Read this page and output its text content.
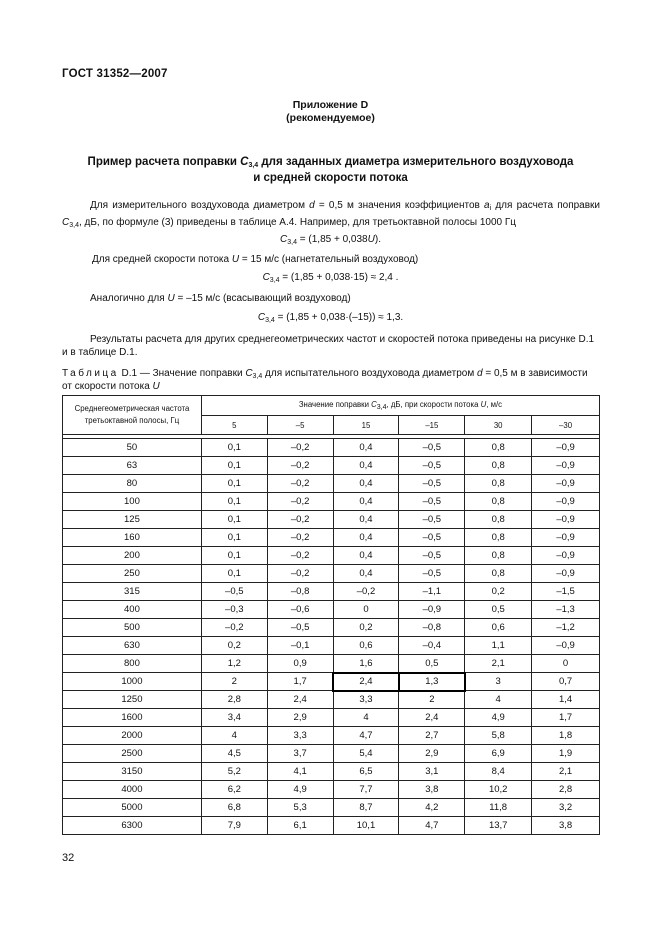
ГОСТ 31352—2007
Приложение D
(рекомендуемое)
Пример расчета поправки $C_{3,4}$ для заданных диаметра измерительного воздуховода
и средней скорости потока
Для измерительного воздуховода диаметром d = 0,5 м значения коэффициентов $a_i$ для расчета поправки $C_{3,4}$, дБ, по формуле (3) приведены в таблице А.4. Например, для третьоктавной полосы 1000 Гц
$C_{3,4} = (1,85 + 0,038U)$.
Для средней скорости потока U = 15 м/с (нагнетательный воздуховод)
$C_{3,4} = (1,85 + 0,038\cdot 15) \approx 2,4$ .
Аналогично для U = –15 м/с (всасывающий воздуховод)
$C_{3,4} = (1,85 + 0,038\cdot(-15)) \approx 1,3$.
Результаты расчета для других среднегеометрических частот и скоростей потока приведены на рисунке D.1
и в таблице D.1.
Таблица D.1 — Значение поправки $C_{3,4}$ для испытательного воздуховода диаметром d = 0,5 м в зависимости
от скорости потока U
Среднегеометрическая частота третьоктавной полосы, Гц	Значение поправки $C_{3,4}$, дБ, при скорости потока U, м/с					
	5	–5	15	–15	30	–30

50	0,1	–0,2	0,4	–0,5	0,8	–0,9
63	0,1	–0,2	0,4	–0,5	0,8	–0,9
80	0,1	–0,2	0,4	–0,5	0,8	–0,9
100	0,1	–0,2	0,4	–0,5	0,8	–0,9
125	0,1	–0,2	0,4	–0,5	0,8	–0,9
160	0,1	–0,2	0,4	–0,5	0,8	–0,9
200	0,1	–0,2	0,4	–0,5	0,8	–0,9
250	0,1	–0,2	0,4	–0,5	0,8	–0,9
315	–0,5	–0,8	–0,2	–1,1	0,2	–1,5
400	–0,3	–0,6	0	–0,9	0,5	–1,3
500	–0,2	–0,5	0,2	–0,8	0,6	–1,2
630	0,2	–0,1	0,6	–0,4	1,1	–0,9
800	1,2	0,9	1,6	0,5	2,1	0
1000	2	1,7	2,4	1,3	3	0,7
1250	2,8	2,4	3,3	2	4	1,4
1600	3,4	2,9	4	2,4	4,9	1,7
2000	4	3,3	4,7	2,7	5,8	1,8
2500	4,5	3,7	5,4	2,9	6,9	1,9
3150	5,2	4,1	6,5	3,1	8,4	2,1
4000	6,2	4,9	7,7	3,8	10,2	2,8
5000	6,8	5,3	8,7	4,2	11,8	3,2
6300	7,9	6,1	10,1	4,7	13,7	3,8
32
